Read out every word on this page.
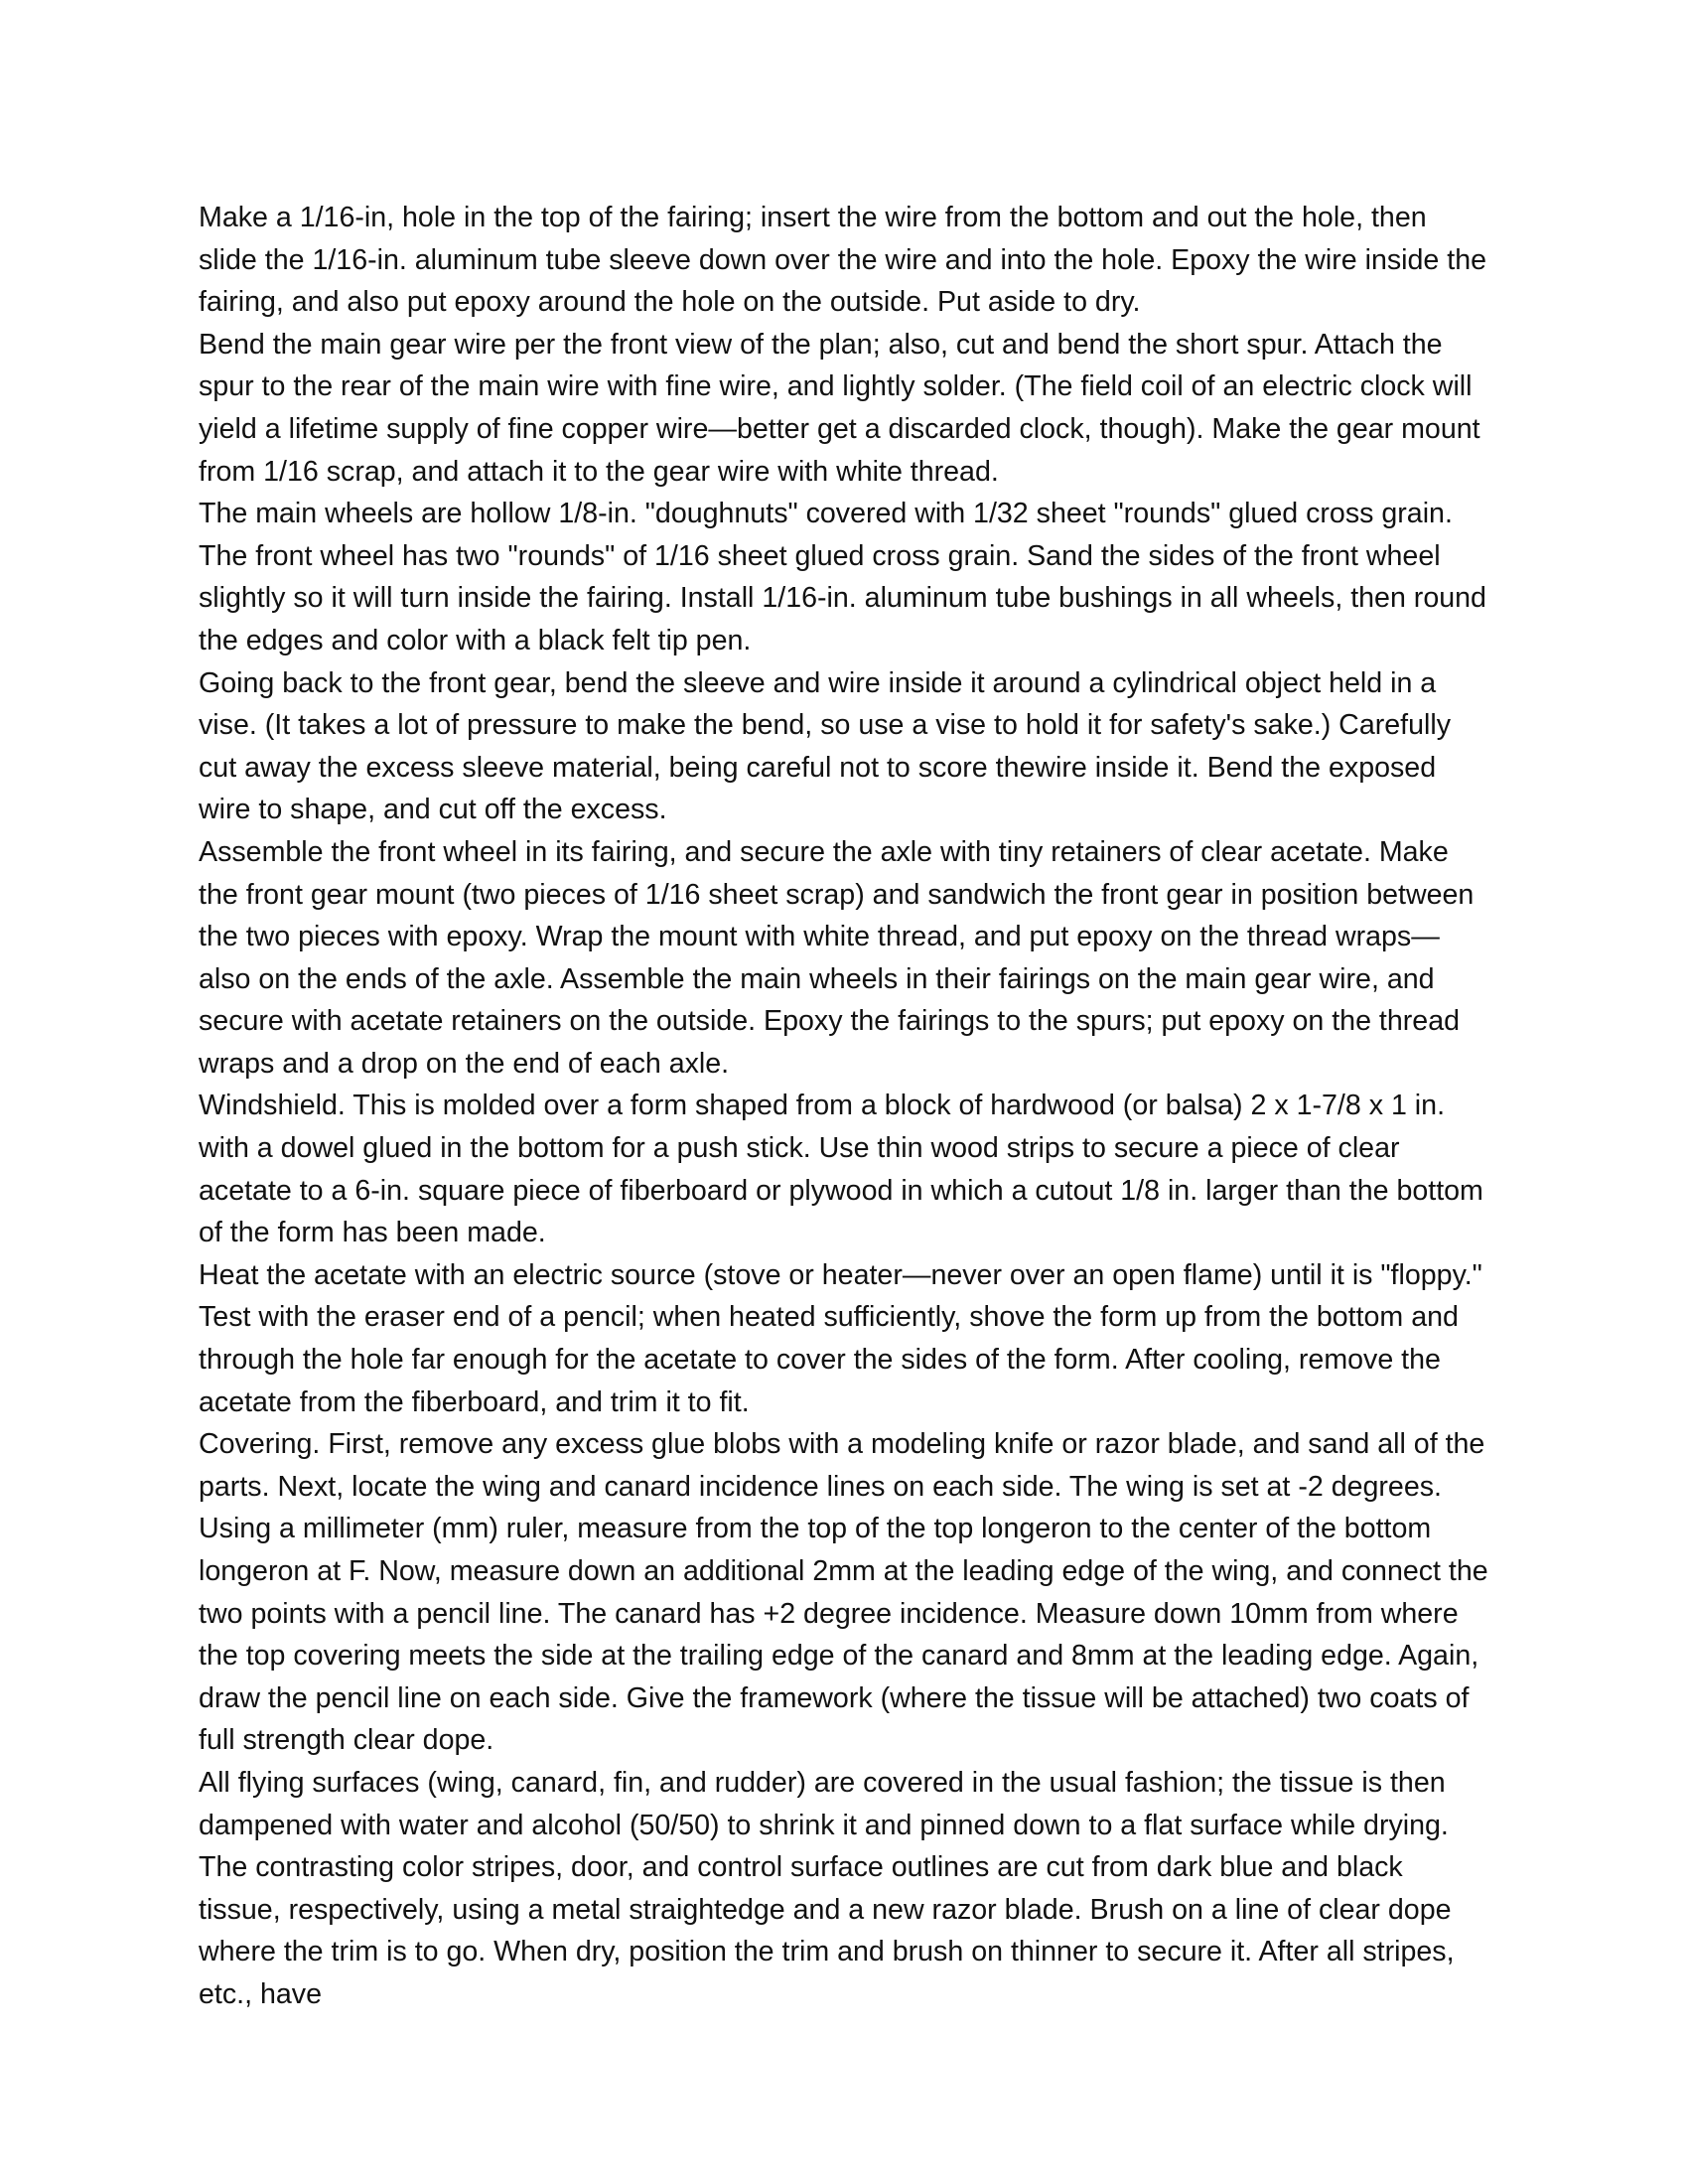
Make a 1/16-in, hole in the top of the fairing; insert the wire from the bottom and out the hole, then slide the 1/16-in. aluminum tube sleeve down over the wire and into the hole. Epoxy the wire inside the fairing, and also put epoxy around the hole on the outside. Put aside to dry.

Bend the main gear wire per the front view of the plan; also, cut and bend the short spur. Attach the spur to the rear of the main wire with fine wire, and lightly solder. (The field coil of an electric clock will yield a lifetime supply of fine copper wire—better get a discarded clock, though). Make the gear mount from 1/16 scrap, and attach it to the gear wire with white thread.

The main wheels are hollow 1/8-in. "doughnuts" covered with 1/32 sheet "rounds" glued cross grain. The front wheel has two "rounds" of 1/16 sheet glued cross grain. Sand the sides of the front wheel slightly so it will turn inside the fairing. Install 1/16-in. aluminum tube bushings in all wheels, then round the edges and color with a black felt tip pen.

Going back to the front gear, bend the sleeve and wire inside it around a cylindrical object held in a vise. (It takes a lot of pressure to make the bend, so use a vise to hold it for safety's sake.) Carefully cut away the excess sleeve material, being careful not to score thewire inside it. Bend the exposed wire to shape, and cut off the excess.

Assemble the front wheel in its fairing, and secure the axle with tiny retainers of clear acetate. Make the front gear mount (two pieces of 1/16 sheet scrap) and sandwich the front gear in position between the two pieces with epoxy. Wrap the mount with white thread, and put epoxy on the thread wraps—also on the ends of the axle. Assemble the main wheels in their fairings on the main gear wire, and secure with acetate retainers on the outside. Epoxy the fairings to the spurs; put epoxy on the thread wraps and a drop on the end of each axle.

Windshield. This is molded over a form shaped from a block of hardwood (or balsa) 2 x 1-7/8 x 1 in. with a dowel glued in the bottom for a push stick. Use thin wood strips to secure a piece of clear acetate to a 6-in. square piece of fiberboard or plywood in which a cutout 1/8 in. larger than the bottom of the form has been made.

Heat the acetate with an electric source (stove or heater—never over an open flame) until it is "floppy." Test with the eraser end of a pencil; when heated sufficiently, shove the form up from the bottom and through the hole far enough for the acetate to cover the sides of the form. After cooling, remove the acetate from the fiberboard, and trim it to fit.

Covering. First, remove any excess glue blobs with a modeling knife or razor blade, and sand all of the parts. Next, locate the wing and canard incidence lines on each side. The wing is set at -2 degrees. Using a millimeter (mm) ruler, measure from the top of the top longeron to the center of the bottom longeron at F. Now, measure down an additional 2mm at the leading edge of the wing, and connect the two points with a pencil line. The canard has +2 degree incidence. Measure down 10mm from where the top covering meets the side at the trailing edge of the canard and 8mm at the leading edge. Again, draw the pencil line on each side. Give the framework (where the tissue will be attached) two coats of full strength clear dope.

All flying surfaces (wing, canard, fin, and rudder) are covered in the usual fashion; the tissue is then dampened with water and alcohol (50/50) to shrink it and pinned down to a flat surface while drying. The contrasting color stripes, door, and control surface outlines are cut from dark blue and black tissue, respectively, using a metal straightedge and a new razor blade. Brush on a line of clear dope where the trim is to go. When dry, position the trim and brush on thinner to secure it. After all stripes, etc., have
